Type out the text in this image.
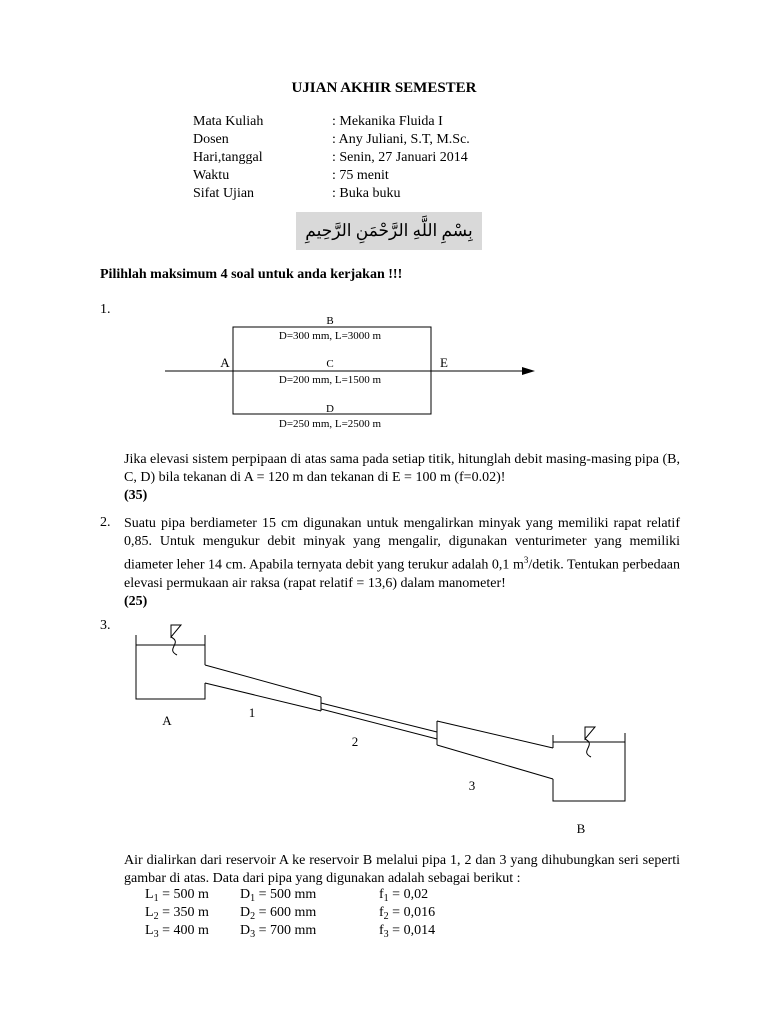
UJIAN AKHIR SEMESTER
Mata Kuliah	: Mekanika Fluida I
Dosen	: Any Juliani, S.T, M.Sc.
Hari,tanggal	: Senin, 27 Januari 2014
Waktu	: 75 menit
Sifat Ujian	: Buka buku
بِسْمِ اللَّهِ الرَّحْمَنِ الرَّحِيمِ
Pilihlah maksimum 4 soal untuk anda kerjakan !!!
1.
B
D=300 mm, L=3000 m
A	E
C
D=200 mm, L=1500 m
D
D=250 mm, L=2500 m
Jika elevasi sistem perpipaan di atas sama pada setiap titik, hitunglah debit masing-masing pipa (B, C, D) bila tekanan di A = 120 m dan tekanan di E = 100 m (f=0.02)!
(35)
2. Suatu pipa berdiameter 15 cm digunakan untuk mengalirkan minyak yang memiliki rapat relatif 0,85. Untuk mengukur debit minyak yang mengalir, digunakan venturimeter yang memiliki diameter leher 14 cm. Apabila ternyata debit yang terukur adalah 0,1 $m^3$/detik. Tentukan perbedaan elevasi permukaan air raksa (rapat relatif = 13,6) dalam manometer!
(25)
3.
A
1
2
3
B
Air dialirkan dari reservoir A ke reservoir B melalui pipa 1, 2 dan 3 yang dihubungkan seri seperti gambar di atas. Data dari pipa yang digunakan adalah sebagai berikut :
$L_1 = 500$ m $D_1 = 500$ mm	$f_1 = 0,02$
$L_2 = 350$ m $D_2 = 600$ mm	$f_2 = 0,016$
$L_3 = 400$ m $D_3 = 700$ mm	$f_3 = 0,014$
